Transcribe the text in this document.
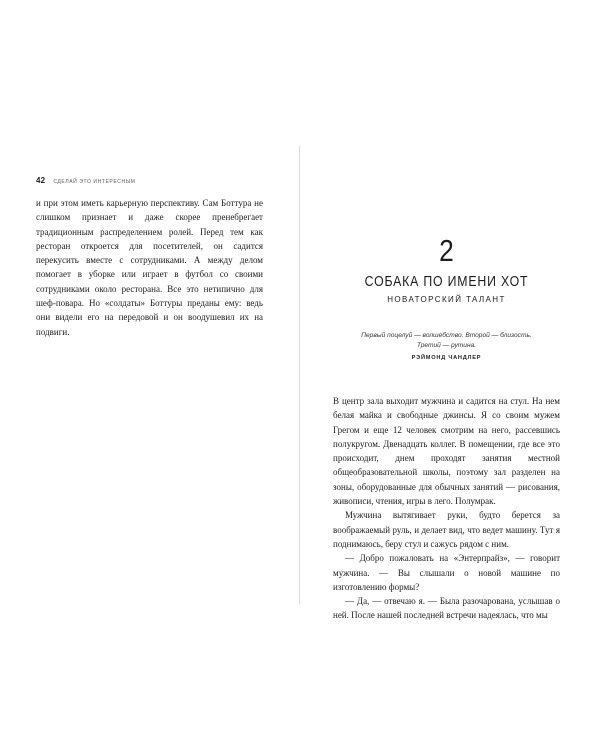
42 СДЕЛАЙ ЭТО ИНТЕРЕСНЫМ

и при этом иметь карьерную перспективу. Сам Боттура не слишком признает и даже скорее пренебрегает традиционным распределением ролей. Перед тем как ресторан откроется для посетителей, он садится перекусить вместе с сотрудниками. А между делом помогает в уборке или играет в футбол со своими сотрудниками около ресторана. Все это нетипично для шеф-повара. Но «солдаты» Боттуры преданы ему: ведь они видели его на передовой и он воодушевил их на подвиги.

2
СОБАКА ПО ИМЕНИ ХОТ
НОВАТОРСКИЙ ТАЛАНТ
Первый поцелуй — волшебство. Второй — близость.
Третий — рутина.
РЭЙМОНД ЧАНДЛЕР

В центр зала выходит мужчина и садится на стул. На нем белая майка и свободные джинсы. Я со своим мужем Грегом и еще 12 человек смотрим на него, рассевшись полукругом. Двенадцать коллег. В помещении, где все это происходит, днем проходят занятия местной общеобразовательной школы, поэтому зал разделен на зоны, оборудованные для обычных занятий — рисования, живописи, чтения, игры в лего. Полумрак.

Мужчина вытягивает руки, будто берется за воображаемый руль, и делает вид, что ведет машину. Тут я поднимаюсь, беру стул и сажусь рядом с ним.

— Добро пожаловать на «Энтерпрайз», — говорит мужчина. — Вы слышали о новой машине по изготовлению формы?

— Да, — отвечаю я. — Была разочарована, услышав о ней. После нашей последней встречи надеялась, что мы
